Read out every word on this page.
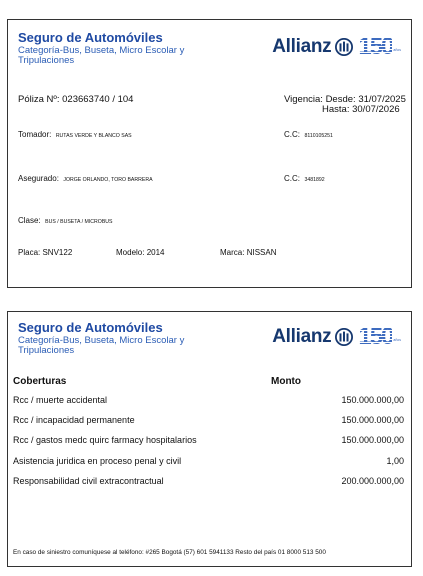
Seguro de Automóviles
Categoría-Bus, Buseta, Micro Escolar y Tripulaciones
Allianz 150 años
Póliza Nº: 023663740 / 104	Vigencia: Desde: 31/07/2025
Hasta: 30/07/2026
Tomador: RUTAS VERDE Y BLANCO SAS	C.C: 8110105251
Asegurado: JORGE ORLANDO, TORO BARRERA	C.C: 3481892
Clase: BUS / BUSETA / MICROBUS
Placa: SNV122	Modelo: 2014	Marca: NISSAN
Seguro de Automóviles
Categoría-Bus, Buseta, Micro Escolar y Tripulaciones
Allianz 150 años
Coberturas	Monto
Rcc / muerte accidental	150.000.000,00
Rcc / incapacidad permanente	150.000.000,00
Rcc / gastos medc quirc farmacy hospitalarios	150.000.000,00
Asistencia juridica en proceso penal y civil	1,00
Responsabilidad civil extracontractual	200.000.000,00
En caso de siniestro comuníquese al teléfono: #265 Bogotá (57) 601 5941133 Resto del país 01 8000 513 500
